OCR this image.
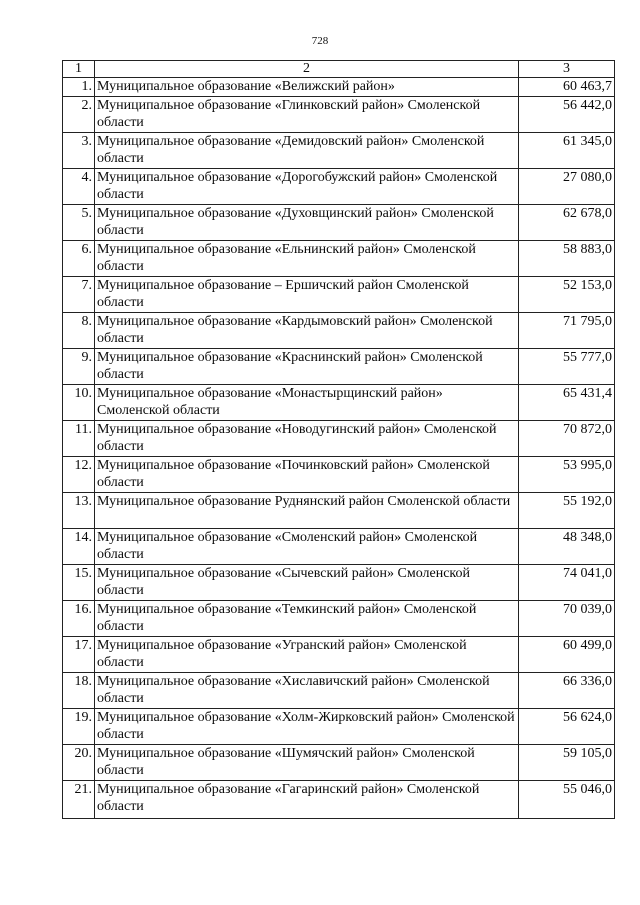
728
1	2	3
1.	Муниципальное образование «Велижский район»	60 463,7
2.	Муниципальное образование «Глинковский район» Смоленской области	56 442,0
3.	Муниципальное образование «Демидовский район» Смоленской области	61 345,0
4.	Муниципальное образование «Дорогобужский район» Смоленской области	27 080,0
5.	Муниципальное образование «Духовщинский район» Смоленской области	62 678,0
6.	Муниципальное образование «Ельнинский район» Смоленской области	58 883,0
7.	Муниципальное образование – Ершичский район Смоленской области	52 153,0
8.	Муниципальное образование «Кардымовский район» Смоленской области	71 795,0
9.	Муниципальное образование «Краснинский район» Смоленской области	55 777,0
10.	Муниципальное образование «Монастырщинский район» Смоленской области	65 431,4
11.	Муниципальное образование «Новодугинский район» Смоленской области	70 872,0
12.	Муниципальное образование «Починковский район» Смоленской области	53 995,0
13.	Муниципальное образование Руднянский район Смоленской области	55 192,0
14.	Муниципальное образование «Смоленский район» Смоленской области	48 348,0
15.	Муниципальное образование «Сычевский район» Смоленской области	74 041,0
16.	Муниципальное образование «Темкинский район» Смоленской области	70 039,0
17.	Муниципальное образование «Угранский район» Смоленской области	60 499,0
18.	Муниципальное образование «Хиславичский район» Смоленской области	66 336,0
19.	Муниципальное образование «Холм-Жирковский район» Смоленской области	56 624,0
20.	Муниципальное образование «Шумячский район» Смоленской области	59 105,0
21.	Муниципальное образование «Гагаринский район» Смоленской области	55 046,0
